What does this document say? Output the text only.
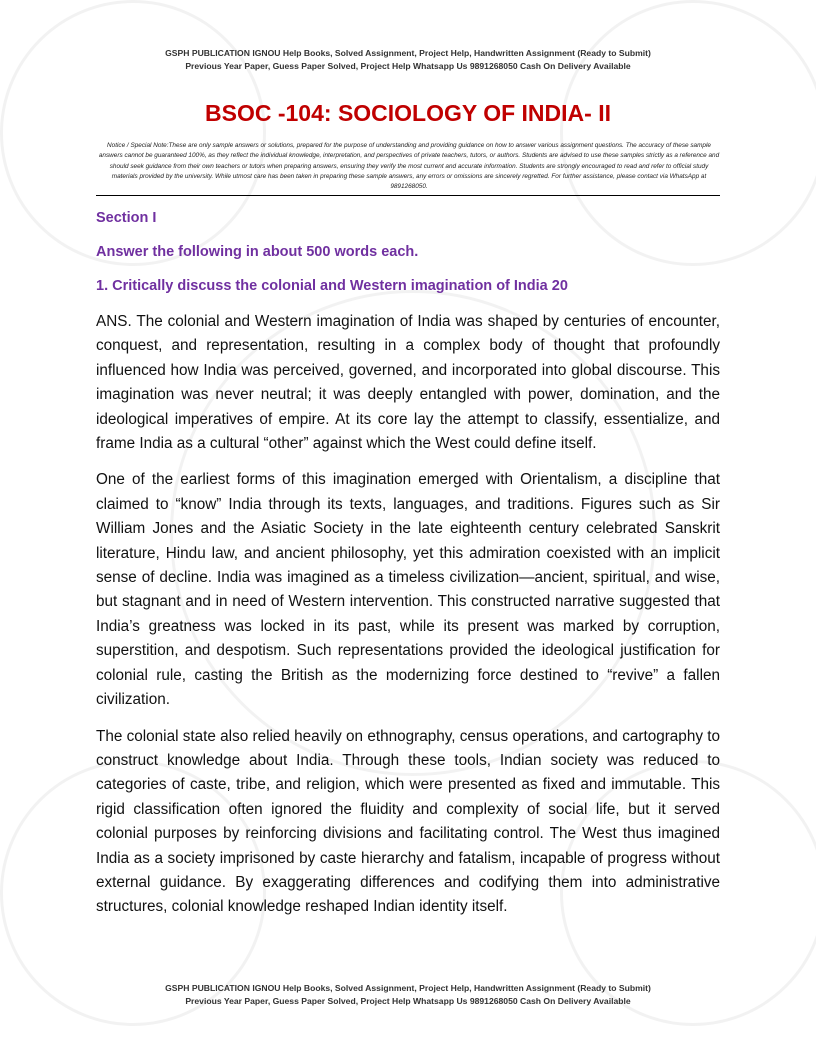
GSPH PUBLICATION IGNOU Help Books, Solved Assignment, Project Help, Handwritten Assignment (Ready to Submit)
Previous Year Paper, Guess Paper Solved, Project Help Whatsapp Us 9891268050 Cash On Delivery Available
BSOC -104: SOCIOLOGY OF INDIA- II
Notice / Special Note:These are only sample answers or solutions, prepared for the purpose of understanding and providing guidance on how to answer various assignment questions. The accuracy of these sample answers cannot be guaranteed 100%, as they reflect the individual knowledge, interpretation, and perspectives of private teachers, tutors, or authors. Students are advised to use these samples strictly as a reference and should seek guidance from their own teachers or tutors when preparing answers, ensuring they verify the most current and accurate information. Students are strongly encouraged to read and refer to official study materials provided by the university. While utmost care has been taken in preparing these sample answers, any errors or omissions are sincerely regretted. For further assistance, please contact via WhatsApp at 9891268050.
Section I
Answer the following in about 500 words each.
1. Critically discuss the colonial and Western imagination of India 20

ANS. The colonial and Western imagination of India was shaped by centuries of encounter, conquest, and representation, resulting in a complex body of thought that profoundly influenced how India was perceived, governed, and incorporated into global discourse. This imagination was never neutral; it was deeply entangled with power, domination, and the ideological imperatives of empire. At its core lay the attempt to classify, essentialize, and frame India as a cultural “other” against which the West could define itself.

One of the earliest forms of this imagination emerged with Orientalism, a discipline that claimed to “know” India through its texts, languages, and traditions. Figures such as Sir William Jones and the Asiatic Society in the late eighteenth century celebrated Sanskrit literature, Hindu law, and ancient philosophy, yet this admiration coexisted with an implicit sense of decline. India was imagined as a timeless civilization—ancient, spiritual, and wise, but stagnant and in need of Western intervention. This constructed narrative suggested that India’s greatness was locked in its past, while its present was marked by corruption, superstition, and despotism. Such representations provided the ideological justification for colonial rule, casting the British as the modernizing force destined to “revive” a fallen civilization.

The colonial state also relied heavily on ethnography, census operations, and cartography to construct knowledge about India. Through these tools, Indian society was reduced to categories of caste, tribe, and religion, which were presented as fixed and immutable. This rigid classification often ignored the fluidity and complexity of social life, but it served colonial purposes by reinforcing divisions and facilitating control. The West thus imagined India as a society imprisoned by caste hierarchy and fatalism, incapable of progress without external guidance. By exaggerating differences and codifying them into administrative structures, colonial knowledge reshaped Indian identity itself.

GSPH PUBLICATION IGNOU Help Books, Solved Assignment, Project Help, Handwritten Assignment (Ready to Submit)
Previous Year Paper, Guess Paper Solved, Project Help Whatsapp Us 9891268050 Cash On Delivery Available
